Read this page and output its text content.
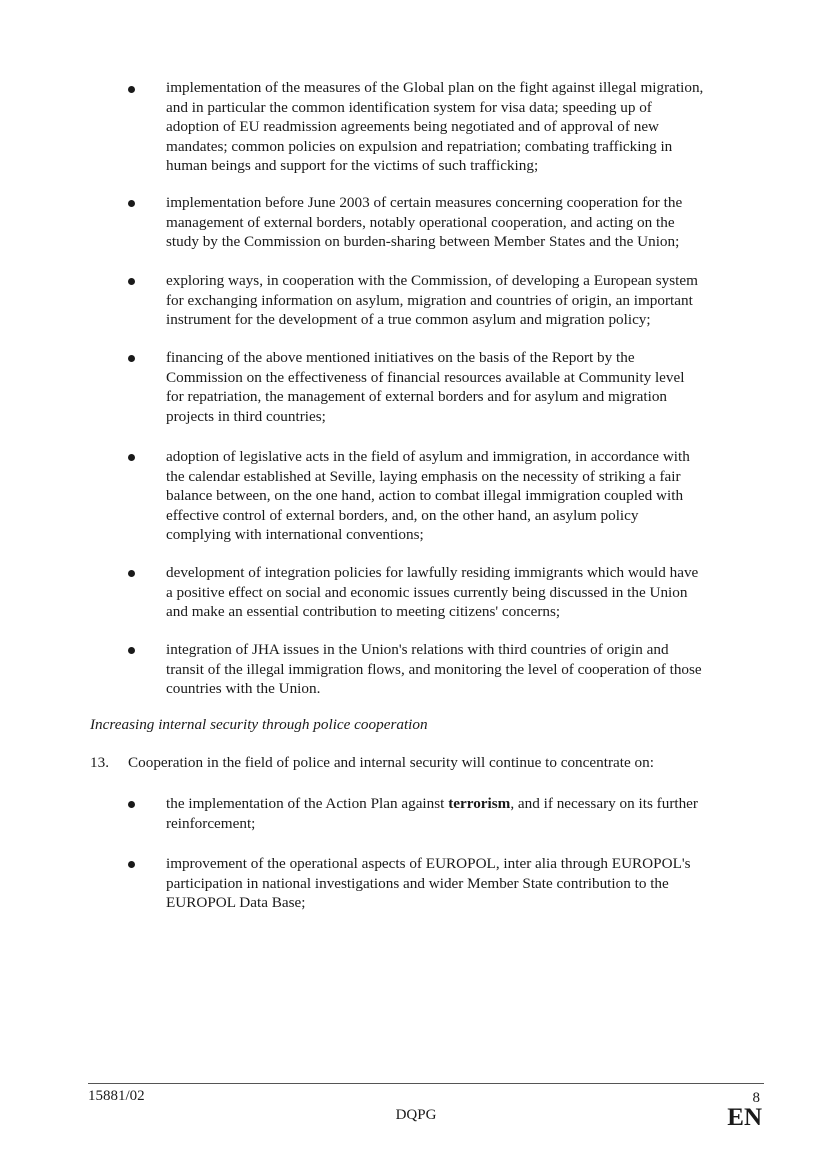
implementation of the measures of the Global plan on the fight against illegal migration,
and in particular the common identification system for visa data; speeding up of
adoption of EU readmission agreements being negotiated and of approval of new
mandates; common policies on expulsion and repatriation; combating trafficking in
human beings and support for the victims of such trafficking;
implementation before June 2003 of certain measures concerning cooperation for the
management of external borders, notably operational cooperation, and acting on the
study by the Commission on burden-sharing between Member States and the Union;
exploring ways, in cooperation with the Commission, of developing a European system
for exchanging information on asylum, migration and countries of origin, an important
instrument for the development of a true common asylum and migration policy;
financing of the above mentioned initiatives on the basis of the Report by the
Commission on the effectiveness of financial resources available at Community level
for repatriation, the management of external borders and for asylum and migration
projects in third countries;
adoption of legislative acts in the field of asylum and immigration, in accordance with
the calendar established at Seville, laying emphasis on the necessity of striking a fair
balance between, on the one hand, action to combat illegal immigration coupled with
effective control of external borders, and, on the other hand, an asylum policy
complying with international conventions;
development of integration policies for lawfully residing immigrants which would have
a positive effect on social and economic issues currently being discussed in the Union
and make an essential contribution to meeting citizens' concerns;
integration of JHA issues in the Union's relations with third countries of origin and
transit of the illegal immigration flows, and monitoring the level of cooperation of those
countries with the Union.

Increasing internal security through police cooperation

13. Cooperation in the field of police and internal security will continue to concentrate on:

the implementation of the Action Plan against terrorism, and if necessary on its further
reinforcement;
improvement of the operational aspects of EUROPOL, inter alia through EUROPOL's
participation in national investigations and wider Member State contribution to the
EUROPOL Data Base;
15881/02
DQPG
8
EN
